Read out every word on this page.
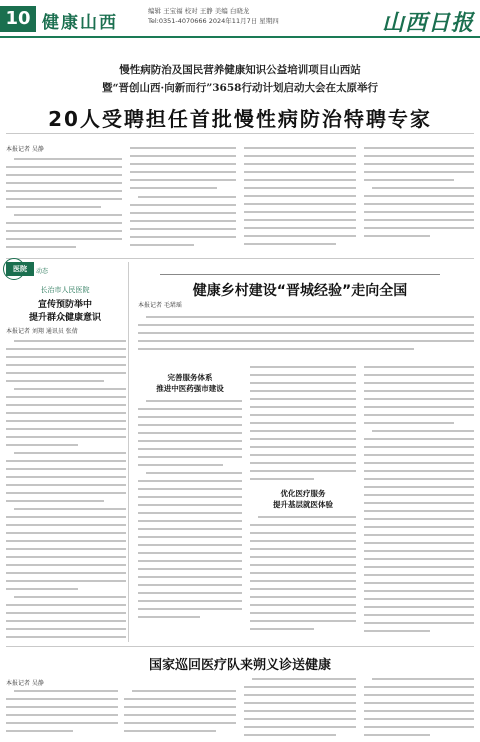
10 健康山西
编辑 王宝福 校对 王静 美编 白晓龙
Tel:0351-4070666 2024年11月7日 星期四	山西日报
慢性病防治及国民营养健康知识公益培训项目山西站
暨“晋创山西·向新而行”3658行动计划启动大会在太原举行
20人受聘担任首批慢性病防治特聘专家
本报记者 吴静
医院	动态
长治市人民医院
宣传预防举中
提升群众健康意识
本报记者 刘翔 通讯员 张倩
健康乡村建设“晋城经验”走向全国
本报记者 毛珺瑶
完善服务体系
推进中医药强市建设
优化医疗服务
提升基层就医体验
国家巡回医疗队来朔义诊送健康
本报记者 吴静
